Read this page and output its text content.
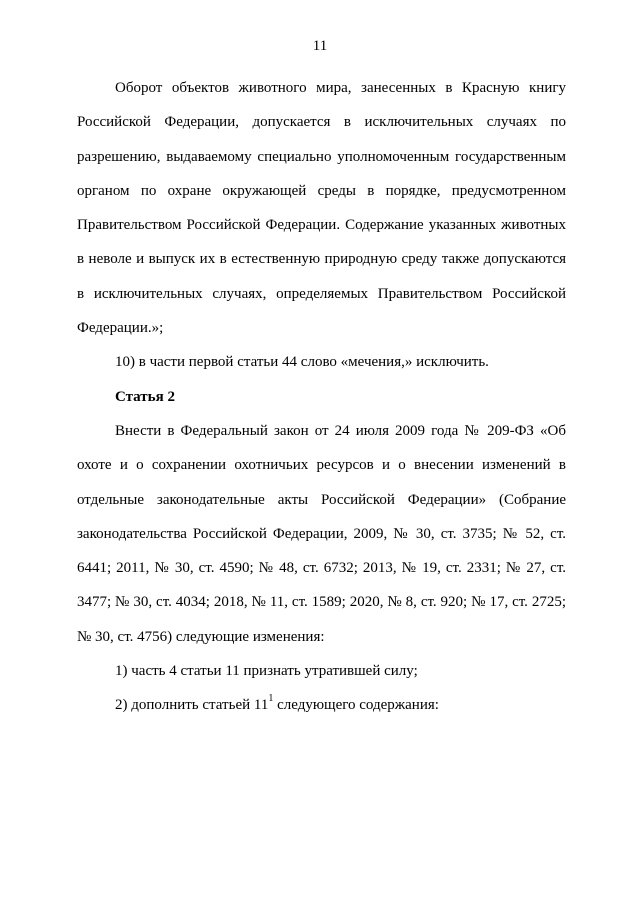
11

Оборот объектов животного мира, занесенных в Красную книгу Российской Федерации, допускается в исключительных случаях по разрешению, выдаваемому специально уполномоченным государственным органом по охране окружающей среды в порядке, предусмотренном Правительством Российской Федерации. Содержание указанных животных в неволе и выпуск их в естественную природную среду также допускаются в исключительных случаях, определяемых Правительством Российской Федерации.»;

10) в части первой статьи 44 слово «мечения,» исключить.

Статья 2

Внести в Федеральный закон от 24 июля 2009 года № 209-ФЗ «Об охоте и о сохранении охотничьих ресурсов и о внесении изменений в отдельные законодательные акты Российской Федерации» (Собрание законодательства Российской Федерации, 2009, № 30, ст. 3735; № 52, ст. 6441; 2011, № 30, ст. 4590; № 48, ст. 6732; 2013, № 19, ст. 2331; № 27, ст. 3477; № 30, ст. 4034; 2018, № 11, ст. 1589; 2020, № 8, ст. 920; № 17, ст. 2725; № 30, ст. 4756) следующие изменения:

1) часть 4 статьи 11 признать утратившей силу;

2) дополнить статьей $11^1$ следующего содержания:
